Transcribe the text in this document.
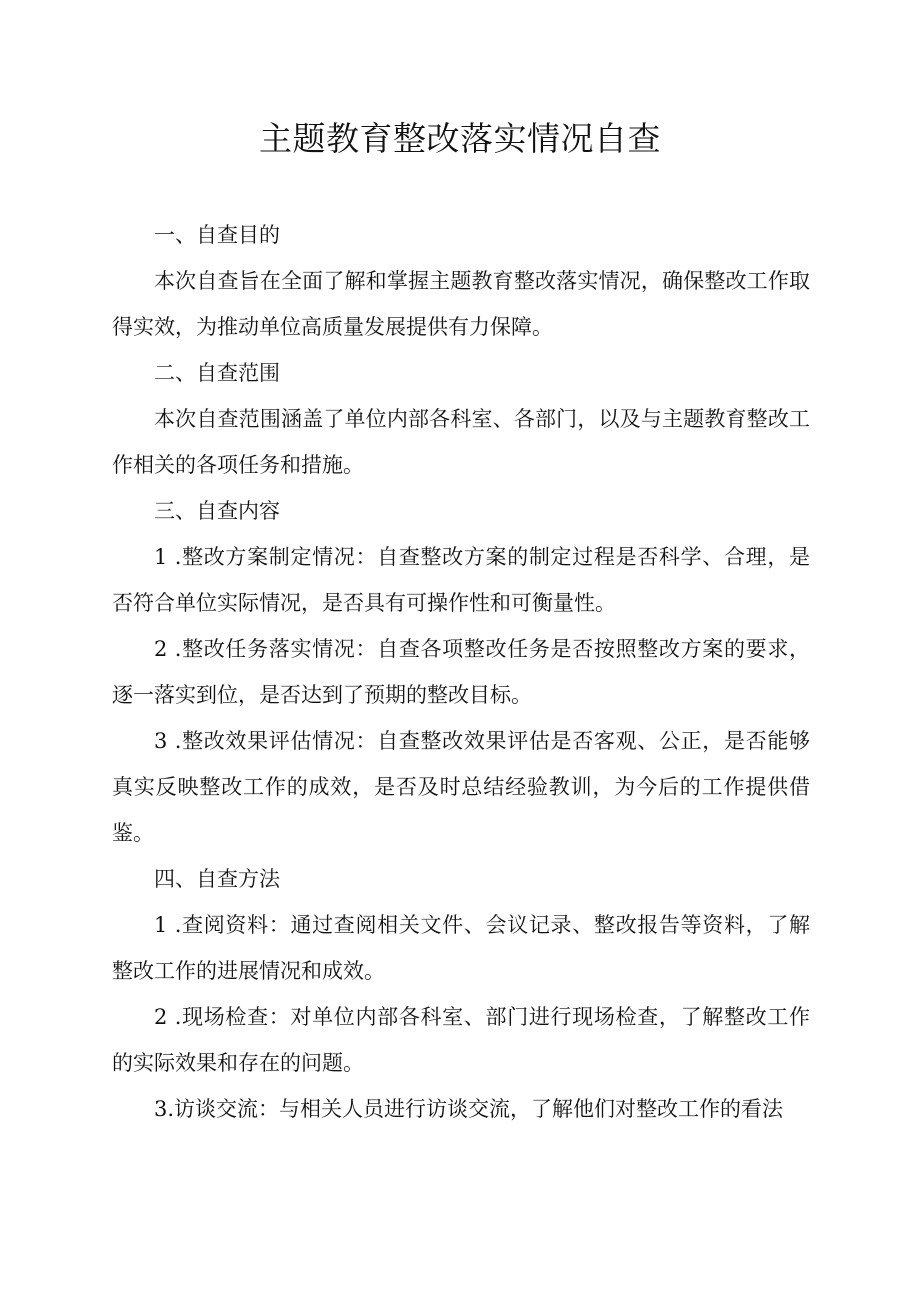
主题教育整改落实情况自查

一、自查目的

本次自查旨在全面了解和掌握主题教育整改落实情况，确保整改工作取得实效，为推动单位高质量发展提供有力保障。

二、自查范围

本次自查范围涵盖了单位内部各科室、各部门，以及与主题教育整改工作相关的各项任务和措施。

三、自查内容

1 .整改方案制定情况：自查整改方案的制定过程是否科学、合理，是否符合单位实际情况，是否具有可操作性和可衡量性。

2 .整改任务落实情况：自查各项整改任务是否按照整改方案的要求，逐一落实到位，是否达到了预期的整改目标。

3 .整改效果评估情况：自查整改效果评估是否客观、公正，是否能够真实反映整改工作的成效，是否及时总结经验教训，为今后的工作提供借鉴。

四、自查方法

1 .查阅资料：通过查阅相关文件、会议记录、整改报告等资料，了解整改工作的进展情况和成效。

2 .现场检查：对单位内部各科室、部门进行现场检查，了解整改工作的实际效果和存在的问题。

3.访谈交流：与相关人员进行访谈交流，了解他们对整改工作的看法
